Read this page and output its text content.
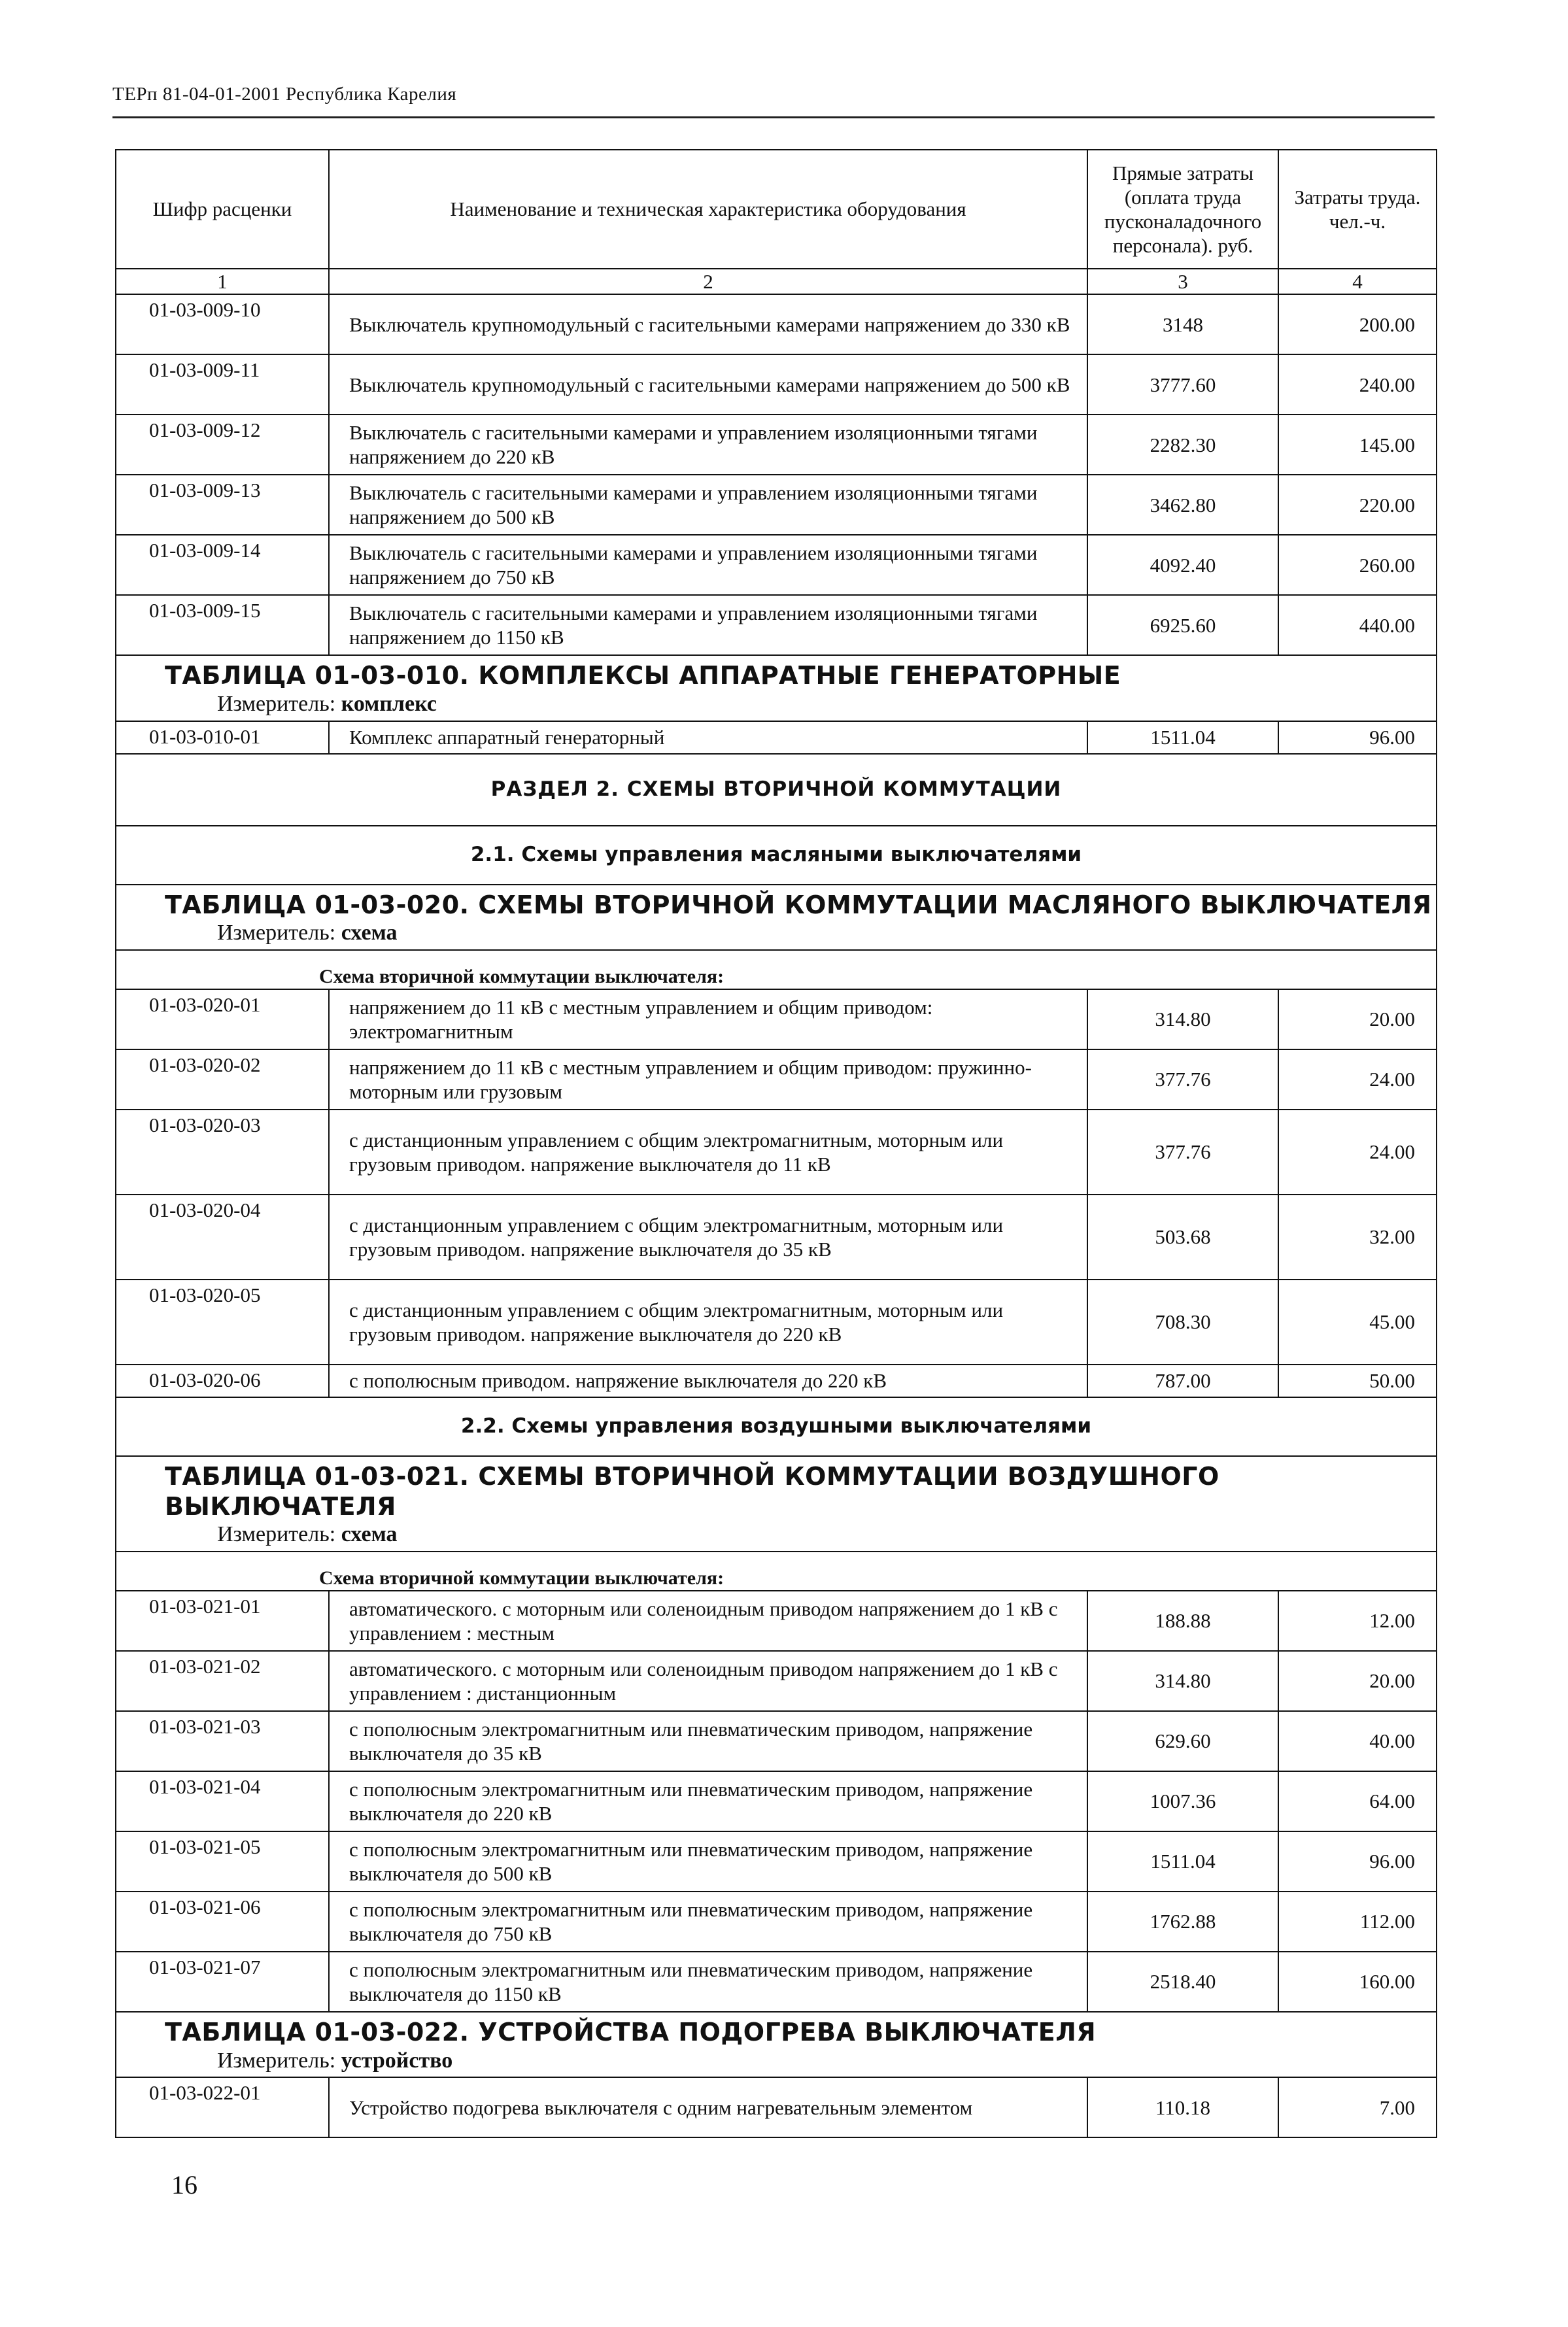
ТЕРп 81-04-01-2001 Республика Карелия
Шифр расценки	Наименование и техническая характеристика оборудования	Прямые затраты (оплата труда пусконаладочного персонала). руб.	Затраты труда. чел.-ч.
1	2	3	4
01-03-009-10	Выключатель крупномодульный с гасительными камерами напряжением до 330 кВ	3148	200.00
01-03-009-11	Выключатель крупномодульный с гасительными камерами напряжением до 500 кВ	3777.60	240.00
01-03-009-12	Выключатель с гасительными камерами и управлением изоляционными тягами напряжением до 220 кВ	2282.30	145.00
01-03-009-13	Выключатель с гасительными камерами и управлением изоляционными тягами напряжением до 500 кВ	3462.80	220.00
01-03-009-14	Выключатель с гасительными камерами и управлением изоляционными тягами напряжением до 750 кВ	4092.40	260.00
01-03-009-15	Выключатель с гасительными камерами и управлением изоляционными тягами напряжением до 1150 кВ	6925.60	440.00
ТАБЛИЦА 01-03-010. КОМПЛЕКСЫ АППАРАТНЫЕ ГЕНЕРАТОРНЫЕ
Измеритель: комплекс			

01-03-010-01	Комплекс аппаратный генераторный	1511.04	96.00
РАЗДЕЛ 2. СХЕМЫ ВТОРИЧНОЙ КОММУТАЦИИ			
2.1. Схемы управления масляными выключателями			
ТАБЛИЦА 01-03-020. СХЕМЫ ВТОРИЧНОЙ КОММУТАЦИИ МАСЛЯНОГО ВЫКЛЮЧАТЕЛЯ
Измеритель: схема			

Схема вторичной коммутации выключателя:			
01-03-020-01	напряжением до 11 кВ с местным управлением и общим приводом: электромагнитным	314.80	20.00
01-03-020-02	напряжением до 11 кВ с местным управлением и общим приводом: пружинно-моторным или грузовым	377.76	24.00
01-03-020-03	с дистанционным управлением с общим электромагнитным, моторным или грузовым приводом. напряжение выключателя до 11 кВ	377.76	24.00
01-03-020-04	с дистанционным управлением с общим электромагнитным, моторным или грузовым приводом. напряжение выключателя до 35 кВ	503.68	32.00
01-03-020-05	с дистанционным управлением с общим электромагнитным, моторным или грузовым приводом. напряжение выключателя до 220 кВ	708.30	45.00
01-03-020-06	с пополюсным приводом. напряжение выключателя до 220 кВ	787.00	50.00
2.2. Схемы управления воздушными выключателями			
ТАБЛИЦА 01-03-021. СХЕМЫ ВТОРИЧНОЙ КОММУТАЦИИ ВОЗДУШНОГО ВЫКЛЮЧАТЕЛЯ
Измеритель: схема			

Схема вторичной коммутации выключателя:			
01-03-021-01	автоматического. с моторным или соленоидным приводом напряжением до 1 кВ с управлением : местным	188.88	12.00
01-03-021-02	автоматического. с моторным или соленоидным приводом напряжением до 1 кВ с управлением : дистанционным	314.80	20.00
01-03-021-03	с пополюсным электромагнитным или пневматическим приводом, напряжение выключателя до 35 кВ	629.60	40.00
01-03-021-04	с пополюсным электромагнитным или пневматическим приводом, напряжение выключателя до 220 кВ	1007.36	64.00
01-03-021-05	с пополюсным электромагнитным или пневматическим приводом, напряжение выключателя до 500 кВ	1511.04	96.00
01-03-021-06	с пополюсным электромагнитным или пневматическим приводом, напряжение выключателя до 750 кВ	1762.88	112.00
01-03-021-07	с пополюсным электромагнитным или пневматическим приводом, напряжение выключателя до 1150 кВ	2518.40	160.00
ТАБЛИЦА 01-03-022. УСТРОЙСТВА ПОДОГРЕВА ВЫКЛЮЧАТЕЛЯ
Измеритель: устройство			

01-03-022-01	Устройство подогрева выключателя с одним нагревательным элементом	110.18	7.00
16
